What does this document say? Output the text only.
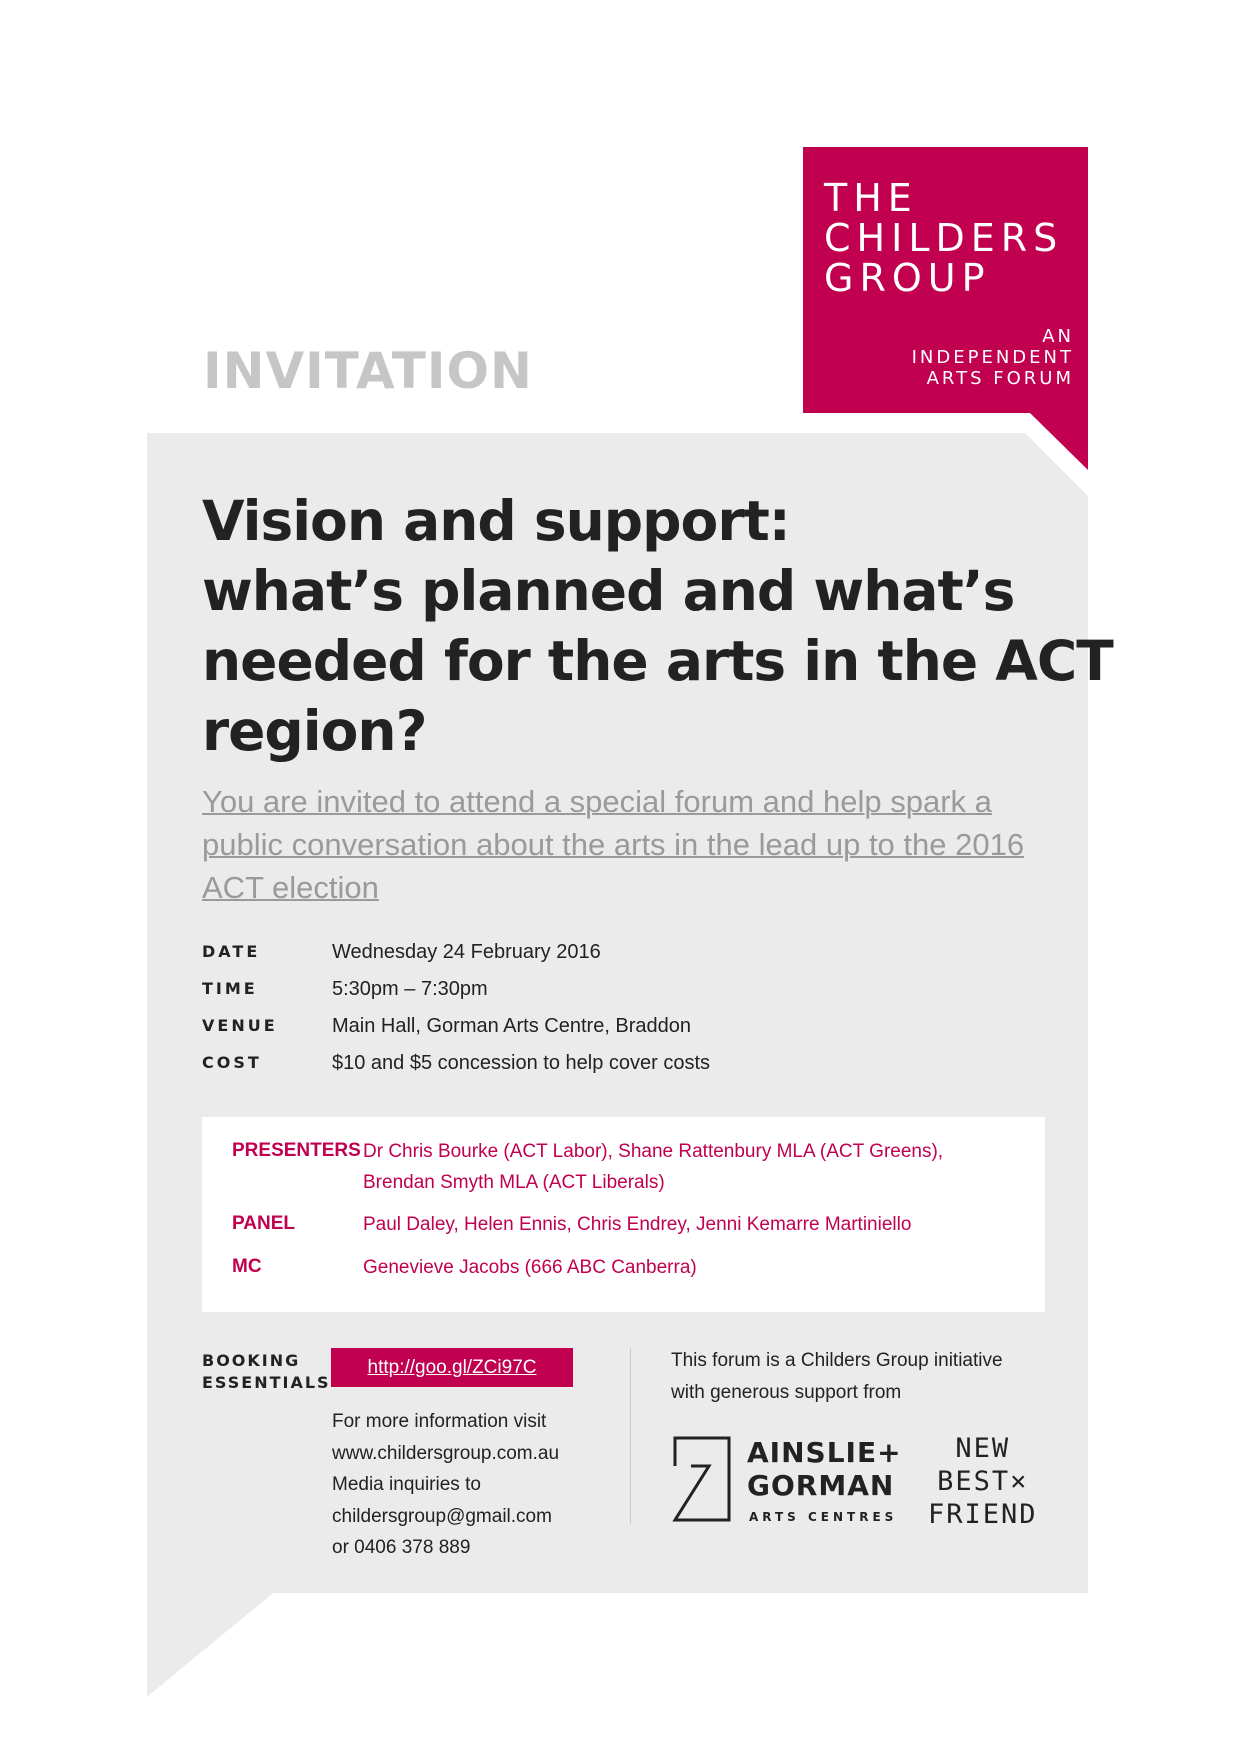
THE
CHILDERS
GROUP
AN
INDEPENDENT
ARTS FORUM
INVITATION
Vision and support:
what’s planned and what’s
needed for the arts in the ACT
region?
You are invited to attend a special forum and help spark a
public conversation about the arts in the lead up to the 2016
ACT election
DATE	Wednesday 24 February 2016
TIME	5:30pm – 7:30pm
VENUE	Main Hall, Gorman Arts Centre, Braddon
COST	$10 and $5 concession to help cover costs
PRESENTERS Dr Chris Bourke (ACT Labor), Shane Rattenbury MLA (ACT Greens),
Brendan Smyth MLA (ACT Liberals)
PANEL	Paul Daley, Helen Ennis, Chris Endrey, Jenni Kemarre Martiniello
MC	Genevieve Jacobs (666 ABC Canberra)
BOOKING
ESSENTIALS
http://goo.gl/ZCi97C
For more information visit
www.childersgroup.com.au
Media inquiries to
childersgroup@gmail.com
or 0406 378 889
This forum is a Childers Group initiative
with generous support from
AINSLIE+
GORMAN
ARTS CENTRES
NEW
BEST×
FRIEND
